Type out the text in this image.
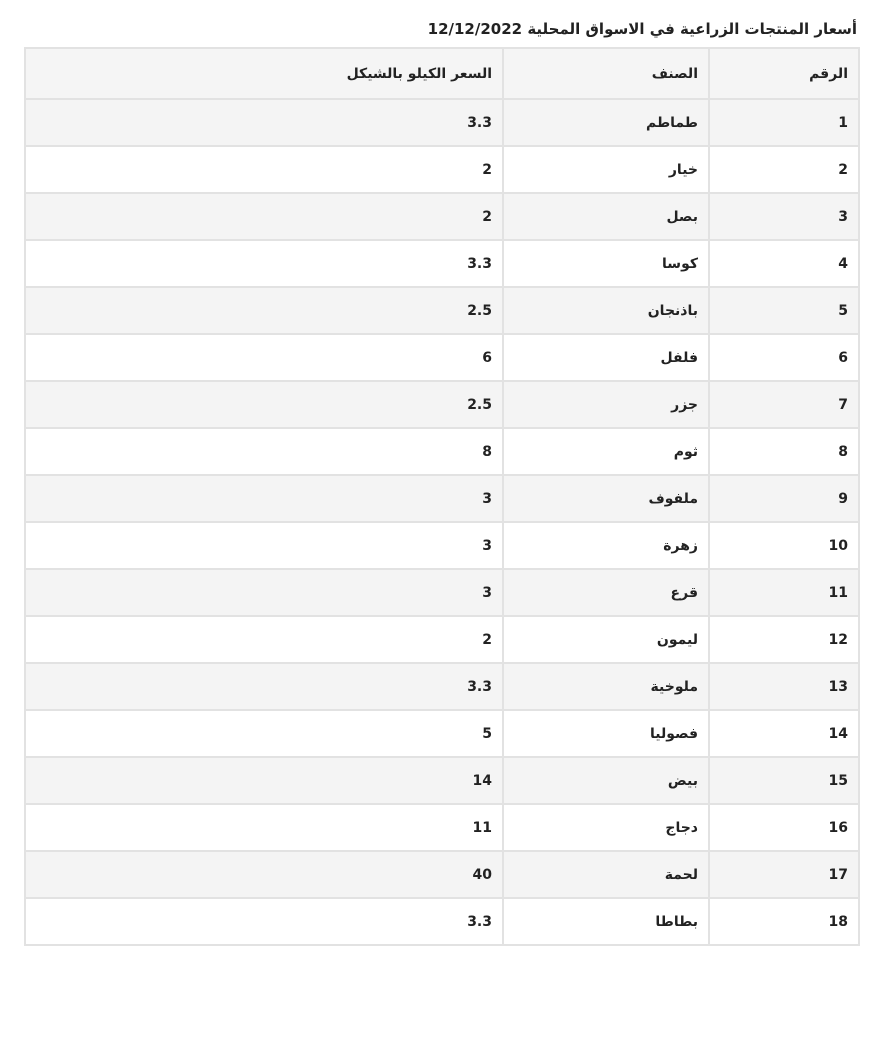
أسعار المنتجات الزراعية في الاسواق المحلية 12/12/2022
الرقم	الصنف	السعر الكيلو بالشيكل
1	طماطم	3.3
2	خيار	2
3	بصل	2
4	كوسا	3.3
5	باذنجان	2.5
6	فلفل	6
7	جزر	2.5
8	ثوم	8
9	ملفوف	3
10	زهرة	3
11	قرع	3
12	ليمون	2
13	ملوخية	3.3
14	فصوليا	5
15	بيض	14
16	دجاج	11
17	لحمة	40
18	بطاطا	3.3
